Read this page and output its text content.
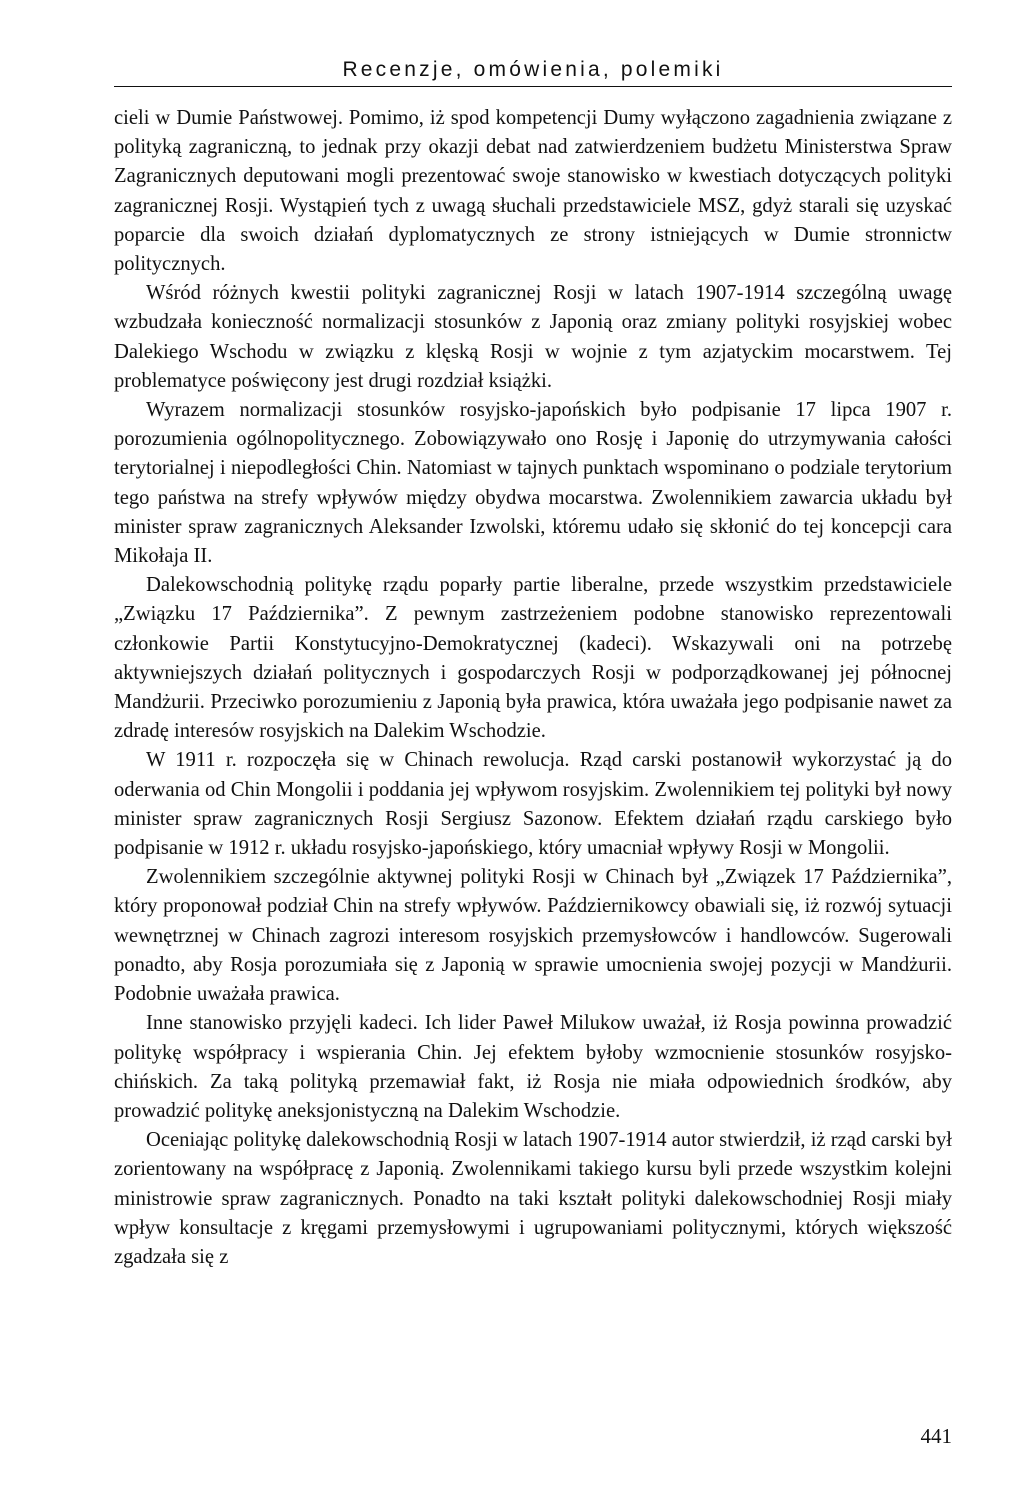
Recenzje, omówienia, polemiki

cieli w Dumie Państwowej. Pomimo, iż spod kompetencji Dumy wyłączono zagadnienia związane z polityką zagraniczną, to jednak przy okazji debat nad zatwierdzeniem budżetu Ministerstwa Spraw Zagranicznych deputowani mogli prezentować swoje stanowisko w kwestiach dotyczących polityki zagranicznej Rosji. Wystąpień tych z uwagą słuchali przedstawiciele MSZ, gdyż starali się uzyskać poparcie dla swoich działań dyplomatycznych ze strony istniejących w Dumie stronnictw politycznych.

Wśród różnych kwestii polityki zagranicznej Rosji w latach 1907-1914 szczególną uwagę wzbudzała konieczność normalizacji stosunków z Japonią oraz zmiany polityki rosyjskiej wobec Dalekiego Wschodu w związku z klęską Rosji w wojnie z tym azjatyckim mocarstwem. Tej problematyce poświęcony jest drugi rozdział książki.

Wyrazem normalizacji stosunków rosyjsko-japońskich było podpisanie 17 lipca 1907 r. porozumienia ogólnopolitycznego. Zobowiązywało ono Rosję i Japonię do utrzymywania całości terytorialnej i niepodległości Chin. Natomiast w tajnych punktach wspominano o podziale terytorium tego państwa na strefy wpływów między obydwa mocarstwa. Zwolennikiem zawarcia układu był minister spraw zagranicznych Aleksander Izwolski, któremu udało się skłonić do tej koncepcji cara Mikołaja II.

Dalekowschodnią politykę rządu poparły partie liberalne, przede wszystkim przedstawiciele „Związku 17 Października”. Z pewnym zastrzeżeniem podobne stanowisko reprezentowali członkowie Partii Konstytucyjno-Demokratycznej (kadeci). Wskazywali oni na potrzebę aktywniejszych działań politycznych i gospodarczych Rosji w podporządkowanej jej północnej Mandżurii. Przeciwko porozumieniu z Japonią była prawica, która uważała jego podpisanie nawet za zdradę interesów rosyjskich na Dalekim Wschodzie.

W 1911 r. rozpoczęła się w Chinach rewolucja. Rząd carski postanowił wykorzystać ją do oderwania od Chin Mongolii i poddania jej wpływom rosyjskim. Zwolennikiem tej polityki był nowy minister spraw zagranicznych Rosji Sergiusz Sazonow. Efektem działań rządu carskiego było podpisanie w 1912 r. układu rosyjsko-japońskiego, który umacniał wpływy Rosji w Mongolii.

Zwolennikiem szczególnie aktywnej polityki Rosji w Chinach był „Związek 17 Października”, który proponował podział Chin na strefy wpływów. Październikowcy obawiali się, iż rozwój sytuacji wewnętrznej w Chinach zagrozi interesom rosyjskich przemysłowców i handlowców. Sugerowali ponadto, aby Rosja porozumiała się z Japonią w sprawie umocnienia swojej pozycji w Mandżurii. Podobnie uważała prawica.

Inne stanowisko przyjęli kadeci. Ich lider Paweł Milukow uważał, iż Rosja powinna prowadzić politykę współpracy i wspierania Chin. Jej efektem byłoby wzmocnienie stosunków rosyjsko-chińskich. Za taką polityką przemawiał fakt, iż Rosja nie miała odpowiednich środków, aby prowadzić politykę aneksjonistyczną na Dalekim Wschodzie.

Oceniając politykę dalekowschodnią Rosji w latach 1907-1914 autor stwierdził, iż rząd carski był zorientowany na współpracę z Japonią. Zwolennikami takiego kursu byli przede wszystkim kolejni ministrowie spraw zagranicznych. Ponadto na taki kształt polityki dalekowschodniej Rosji miały wpływ konsultacje z kręgami przemysłowymi i ugrupowaniami politycznymi, których większość zgadzała się z

441
